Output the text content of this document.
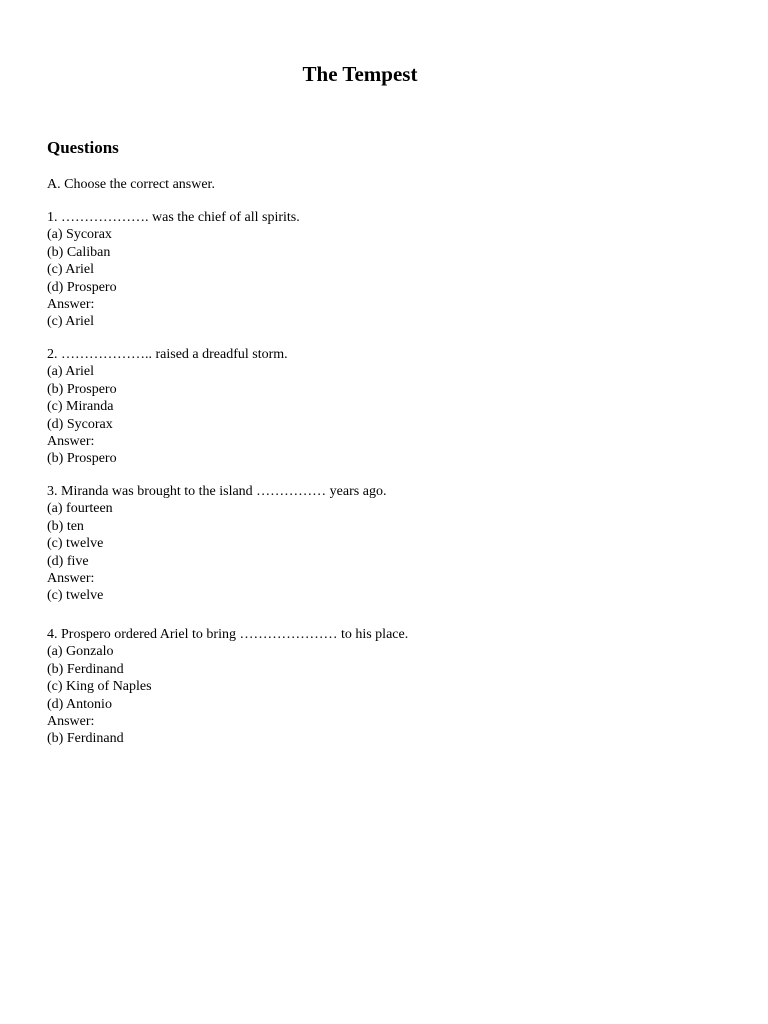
The Tempest
Questions

A. Choose the correct answer.

1. ………………. was the chief of all spirits.
(a) Sycorax
(b) Caliban
(c) Ariel
(d) Prospero
Answer:
(c) Ariel
2. ……………….. raised a dreadful storm.
(a) Ariel
(b) Prospero
(c) Miranda
(d) Sycorax
Answer:
(b) Prospero
3. Miranda was brought to the island …………… years ago.
(a) fourteen
(b) ten
(c) twelve
(d) five
Answer:
(c) twelve
4. Prospero ordered Ariel to bring ………………… to his place.
(a) Gonzalo
(b) Ferdinand
(c) King of Naples
(d) Antonio
Answer:
(b) Ferdinand
